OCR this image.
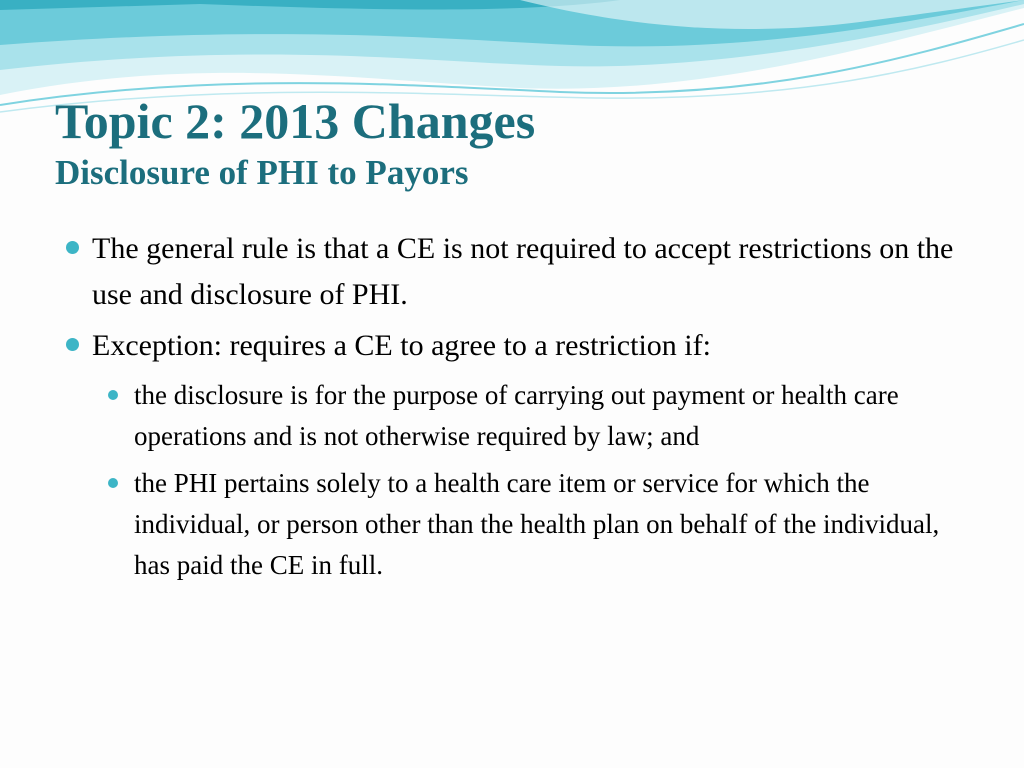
Topic 2: 2013 Changes
Disclosure of PHI to Payors
The general rule is that a CE is not required to accept restrictions on the use and disclosure of PHI.
Exception: requires a CE to agree to a restriction if:
the disclosure is for the purpose of carrying out payment or health care operations and is not otherwise required by law; and
the PHI pertains solely to a health care item or service for which the individual, or person other than the health plan on behalf of the individual, has paid the CE in full.
